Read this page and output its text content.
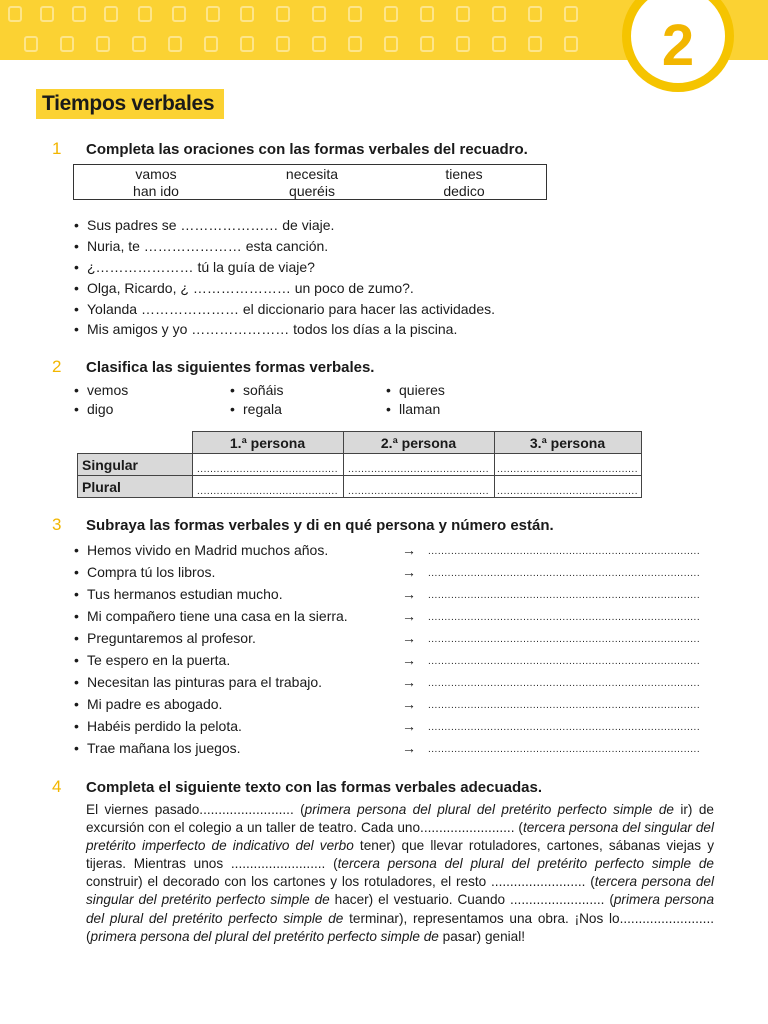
2
Tiempos verbales
1 Completa las oraciones con las formas verbales del recuadro.
vamos	necesita	tienes
han ido	queréis	dedico
• Sus padres se ………………… de viaje.
• Nuria, te ………………… esta canción.
• ¿………………… tú la guía de viaje?
• Olga, Ricardo, ¿ ………………… un poco de zumo?.
• Yolanda ………………… el diccionario para hacer las actividades.
• Mis amigos y yo ………………… todos los días a la piscina.
2 Clasifica las siguientes formas verbales.
• vemos	• soñáis	• quieres
• digo	• regala	• llaman
	1.ª persona	2.ª persona	3.ª persona
Singular	...........................................	...........................................	...........................................
Plural	...........................................	...........................................	...........................................
3 Subraya las formas verbales y di en qué persona y número están.
• Hemos vivido en Madrid muchos años.	→ ...................................................................................
• Compra tú los libros.	→ ...................................................................................
• Tus hermanos estudian mucho.	→ ...................................................................................
• Mi compañero tiene una casa en la sierra.	→ ...................................................................................
• Preguntaremos al profesor.	→ ...................................................................................
• Te espero en la puerta.	→ ...................................................................................
• Necesitan las pinturas para el trabajo.	→ ...................................................................................
• Mi padre es abogado.	→ ...................................................................................
• Habéis perdido la pelota.	→ ...................................................................................
• Trae mañana los juegos.	→ ...................................................................................
4 Completa el siguiente texto con las formas verbales adecuadas.
El viernes pasado......................... (primera persona del plural del pretérito perfecto simple de ir) de excursión con el colegio a un taller de teatro. Cada uno......................... (tercera persona del singular del pretérito imperfecto de indicativo del verbo tener) que llevar rotuladores, cartones, sábanas viejas y tijeras. Mientras unos ......................... (tercera persona del plural del pretérito perfecto simple de construir) el decorado con los cartones y los rotuladores, el resto ......................... (tercera persona del singular del pretérito perfecto simple de hacer) el vestuario. Cuando ......................... (primera persona del plural del pretérito perfecto simple de terminar), representamos una obra. ¡Nos lo......................... (primera persona del plural del pretérito perfecto simple de pasar) genial!
